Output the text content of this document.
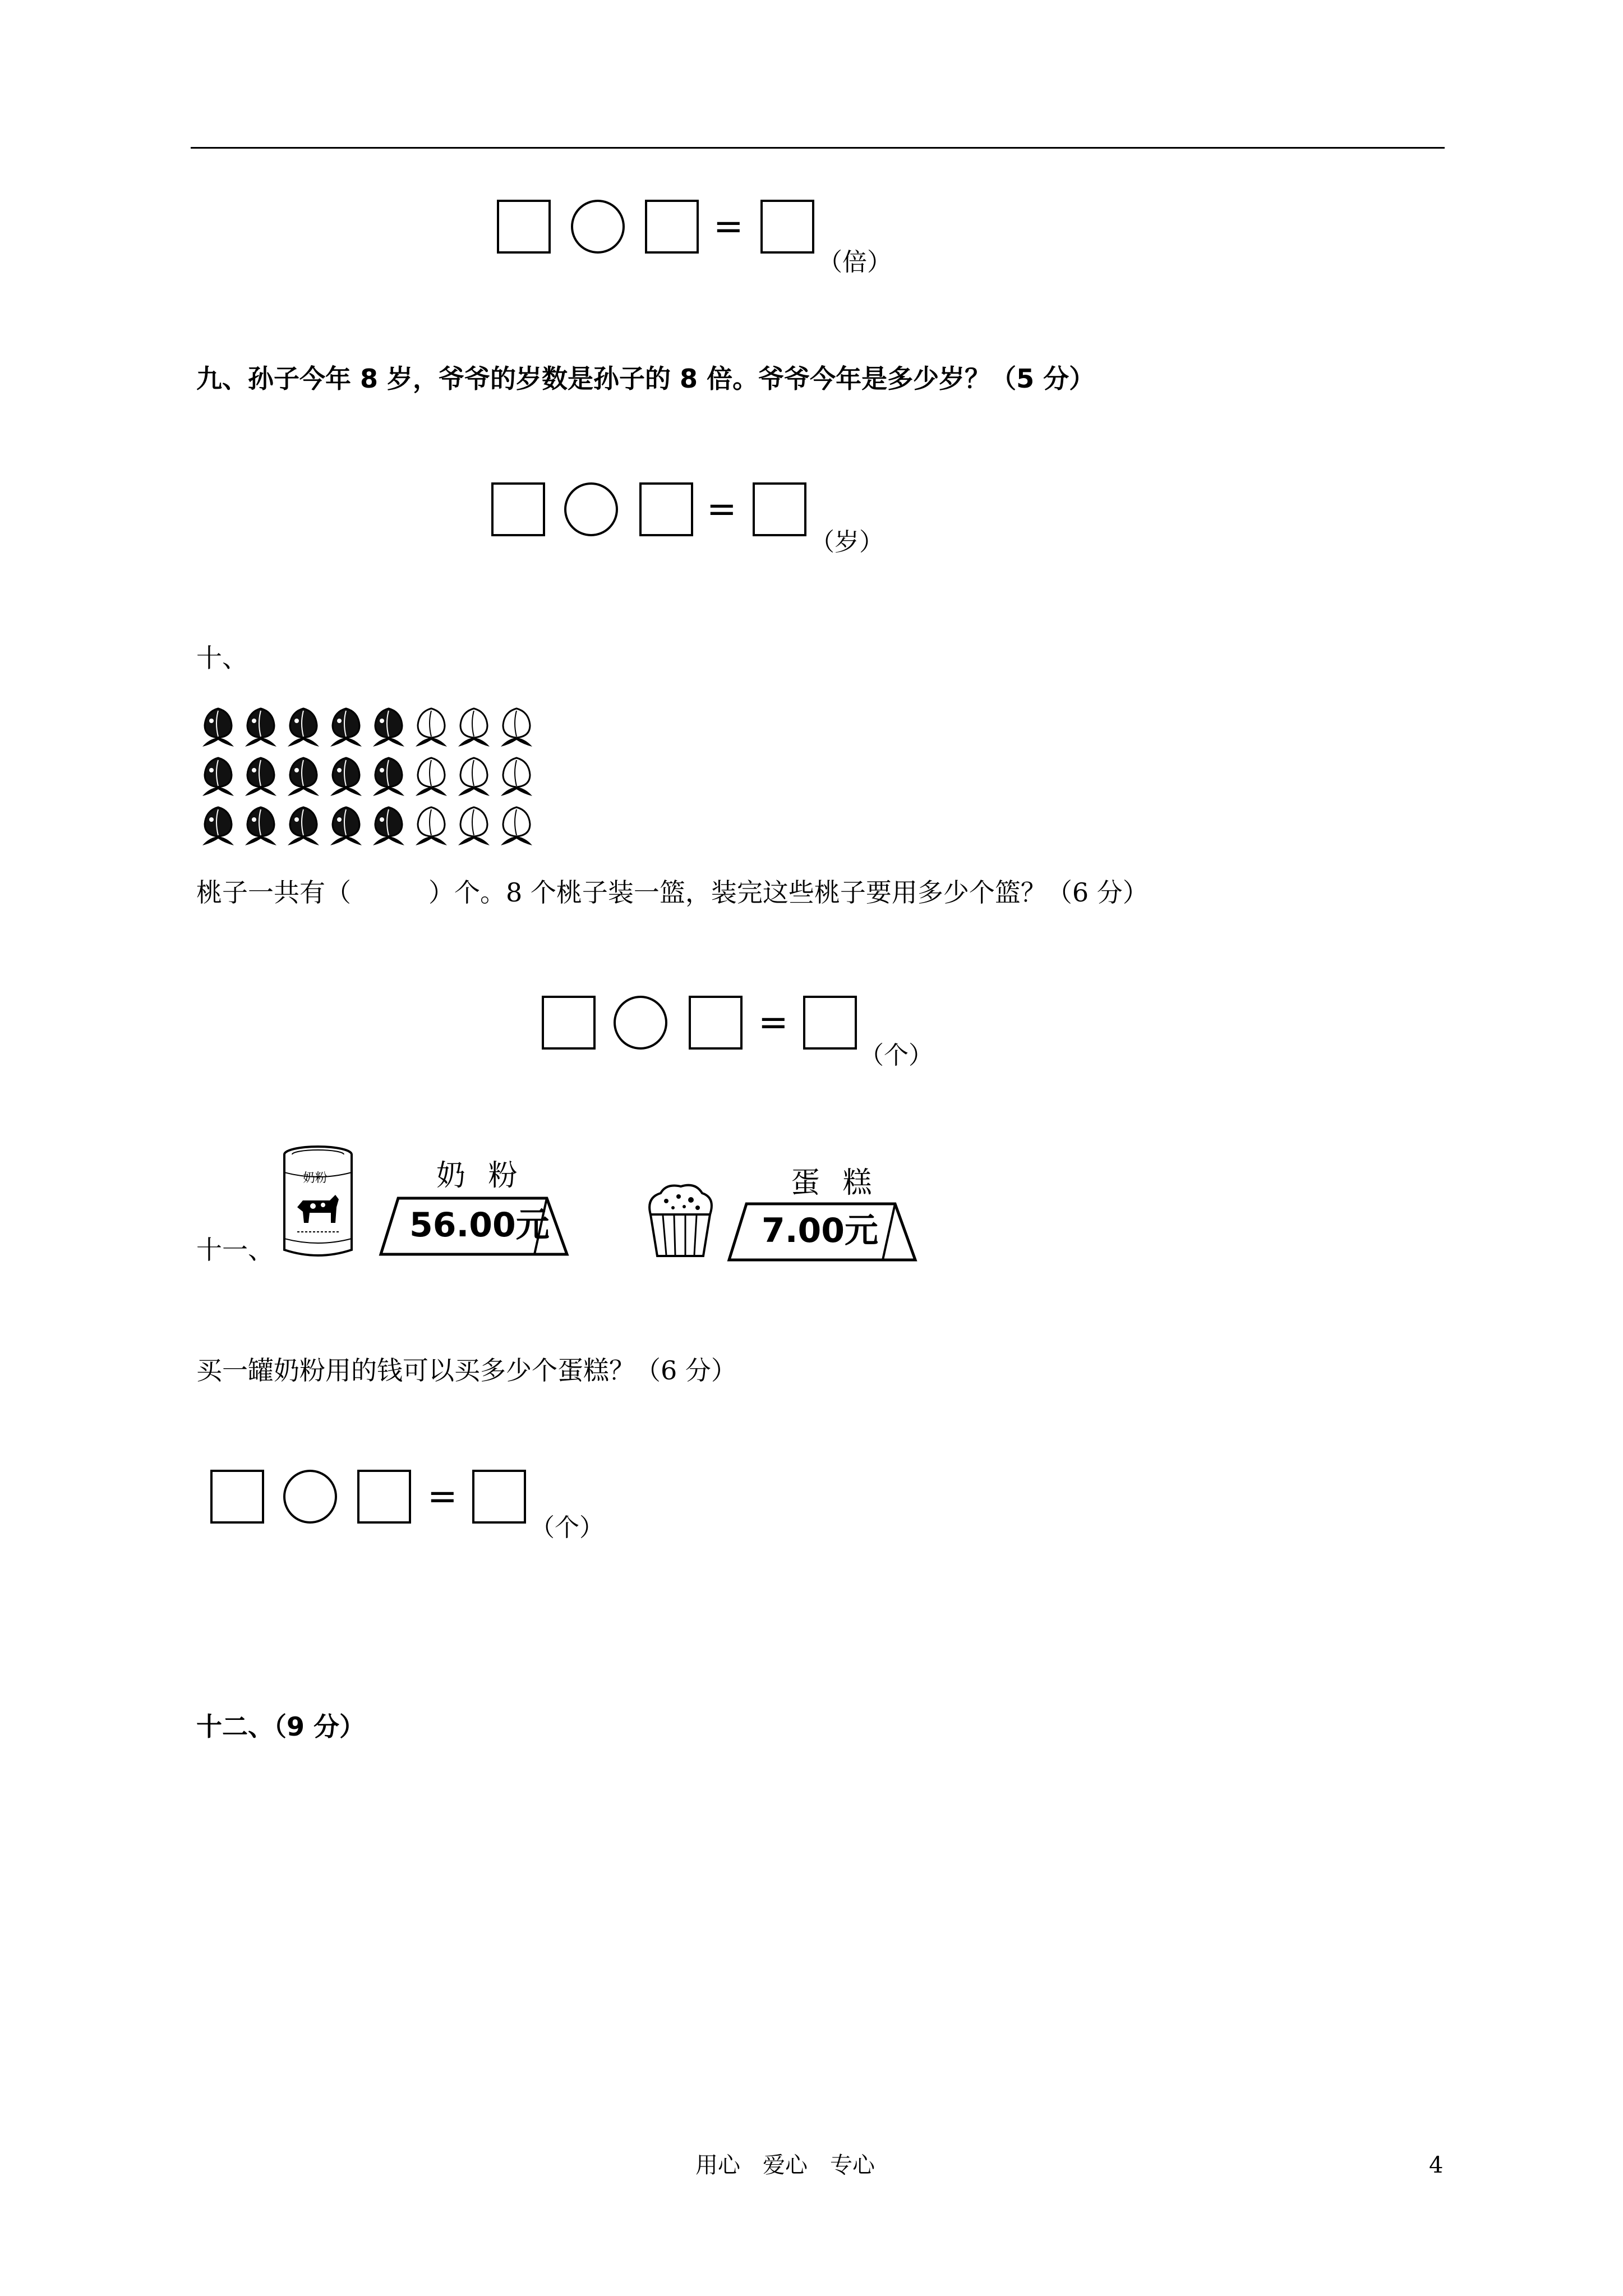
=
（倍）
九、孙子今年 8 岁，爷爷的岁数是孙子的 8 倍。爷爷今年是多少岁？（5 分）
=
（岁）
十、
桃子一共有（　　　）个。8 个桃子装一篮，装完这些桃子要用多少个篮？（6 分）
=
（个）
十一、
奶粉	奶 粉
56.00元
蛋 糕
7.00元
买一罐奶粉用的钱可以买多少个蛋糕？（6 分）
=
（个）
十二、（9 分）
用心　爱心　专心	4
